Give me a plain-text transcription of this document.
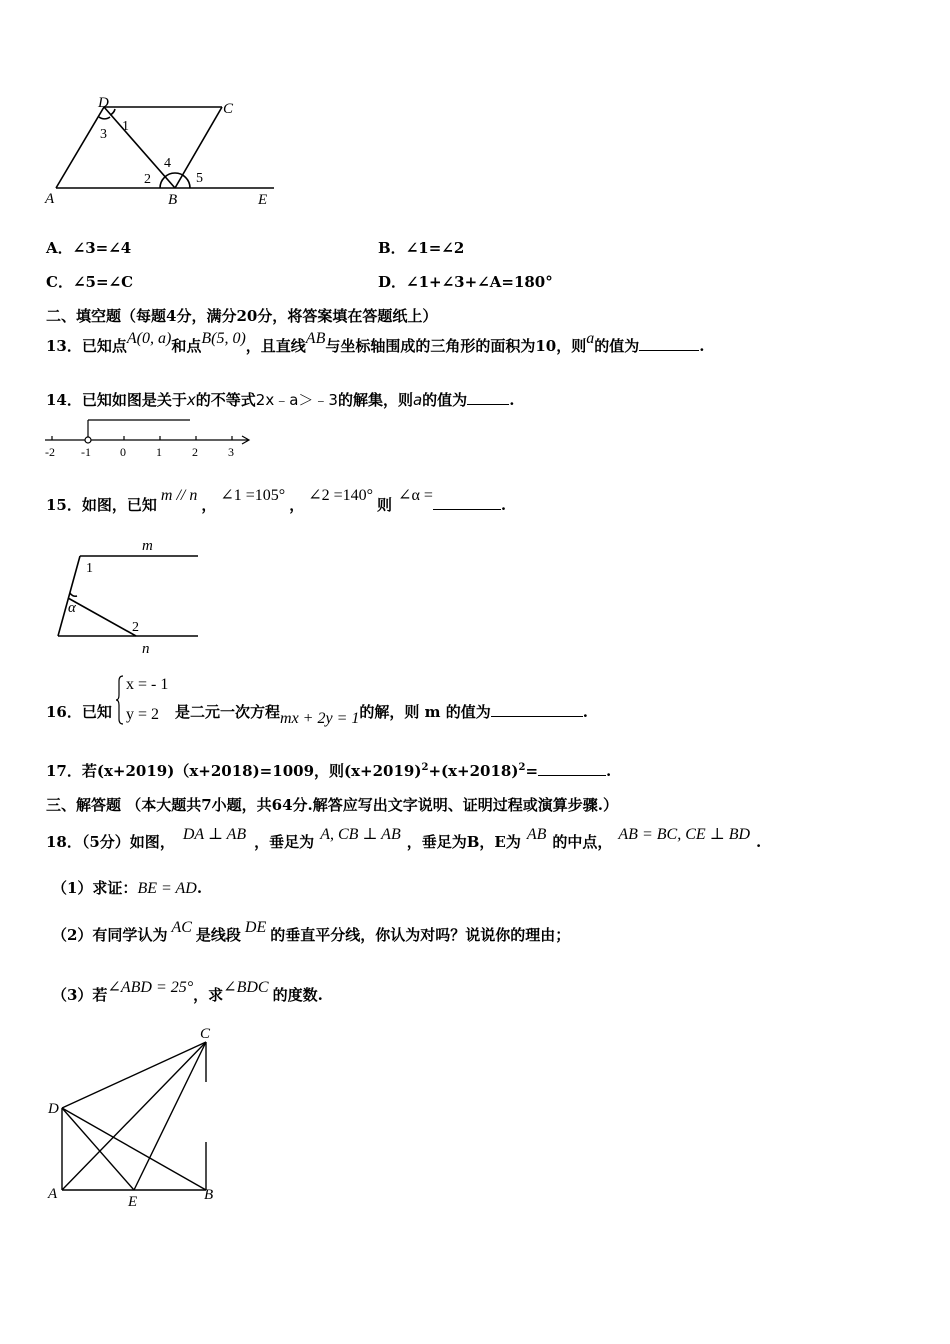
D	C
A	B	E
1
3
2
4
5
A．∠3=∠4	B．∠1=∠2
C．∠5=∠C	D．∠1+∠3+∠A=180°
二、填空题（每题4分，满分20分，将答案填在答题纸上）
13．已知点A(0, a)和点B(5, 0)，且直线AB与坐标轴围成的三角形的面积为10，则a的值为	.
14．已知如图是关于x的不等式2x﹣a＞﹣3的解集，则a的值为	.
-2 -1 0	1	2	3
15．如图，已知m // n，∠1 =105°，∠2 =140°则∠α =.
m
n
1
2
α
16．已知
x = - 1
y = 2 是二元一次方程mx + 2y = 1的解，则 m 的值为	.
17．若(x+2019)（x+2018)=1009，则$(x+2019)^2+(x+2018)^2=$	.
三、解答题 （本大题共7小题，共64分.解答应写出文字说明、证明过程或演算步骤.）
18．（5分）如图， DA ⊥ AB ，垂足为 A, CB ⊥ AB ，垂足为B，E为 AB 的中点， AB = BC, CE ⊥ BD .
（1）求证：BE = AD.
（2）有同学认为 AC 是线段 DE 的垂直平分线，你认为对吗？说说你的理由；
（3）若∠ABD = 25°，求∠BDC 的度数.
C
D
A	E	B
